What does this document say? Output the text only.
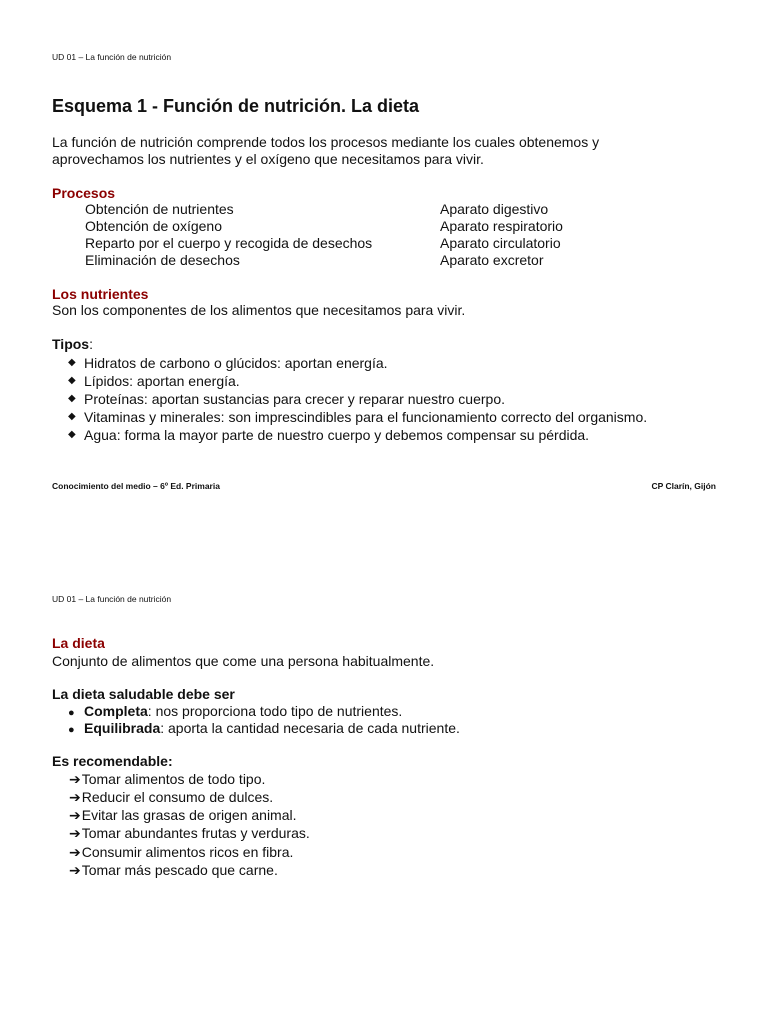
UD 01 – La función de nutrición
Esquema 1 - Función de nutrición. La dieta
La función de nutrición comprende todos los procesos mediante los cuales obtenemos y
aprovechamos los nutrientes y el oxígeno que necesitamos para vivir.
Procesos
Obtención de nutrientes	Aparato digestivo
Obtención de oxígeno	Aparato respiratorio
Reparto por el cuerpo y recogida de desechos	Aparato circulatorio
Eliminación de desechos	Aparato excretor
Los nutrientes
Son los componentes de los alimentos que necesitamos para vivir.
Tipos:
◆ Hidratos de carbono o glúcidos: aportan energía.
◆ Lípidos: aportan energía.
◆ Proteínas: aportan sustancias para crecer y reparar nuestro cuerpo.
◆ Vitaminas y minerales: son imprescindibles para el funcionamiento correcto del organismo.
◆ Agua: forma la mayor parte de nuestro cuerpo y debemos compensar su pérdida.
Conocimiento del medio – 6º Ed. Primaria	CP Clarín, Gijón
UD 01 – La función de nutrición
La dieta
Conjunto de alimentos que come una persona habitualmente.
La dieta saludable debe ser
● Completa: nos proporciona todo tipo de nutrientes.
● Equilibrada: aporta la cantidad necesaria de cada nutriente.
Es recomendable:
➔Tomar alimentos de todo tipo.
➔Reducir el consumo de dulces.
➔Evitar las grasas de origen animal.
➔Tomar abundantes frutas y verduras.
➔Consumir alimentos ricos en fibra.
➔Tomar más pescado que carne.
